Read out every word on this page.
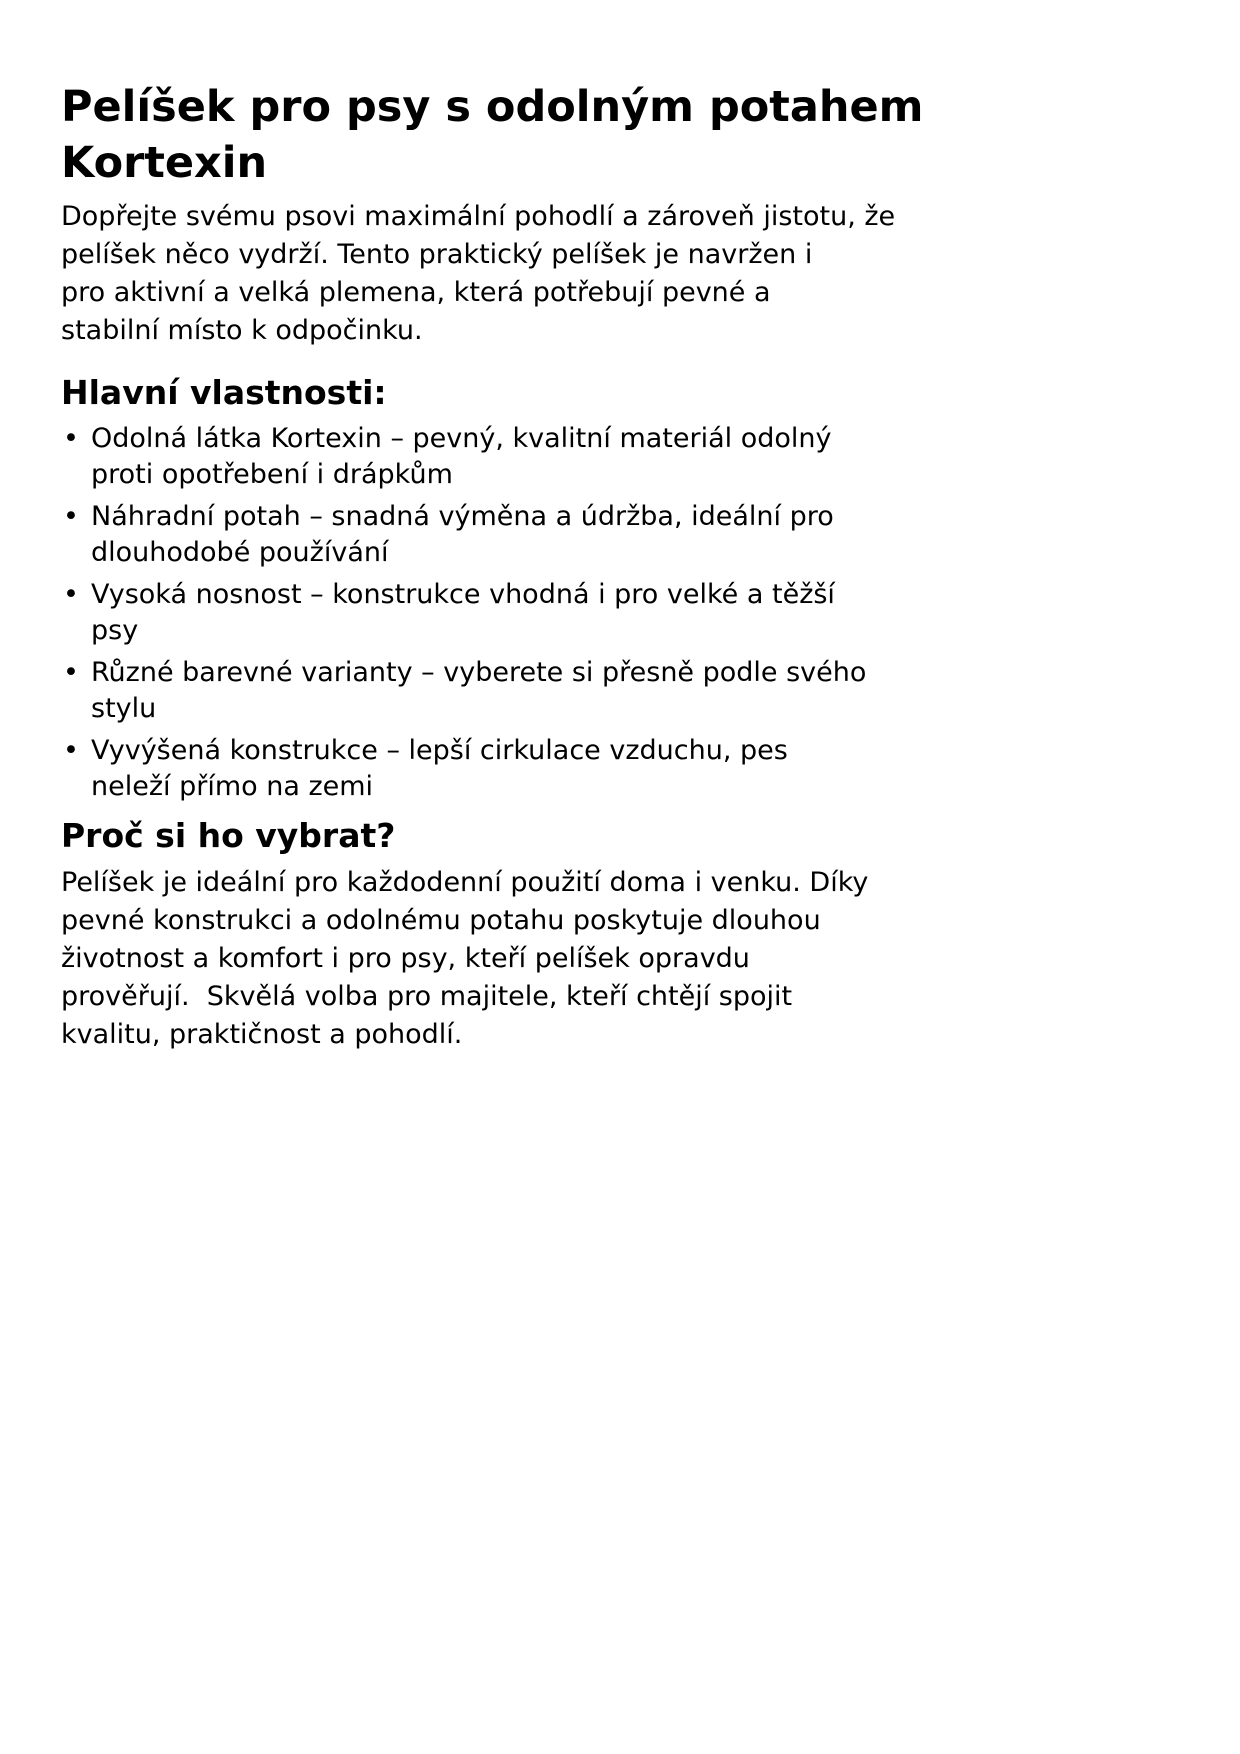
Pelíšek pro psy s odolným potahem
Kortexin

Dopřejte svému psovi maximální pohodlí a zároveň jistotu, že
pelíšek něco vydrží. Tento praktický pelíšek je navržen i
pro aktivní a velká plemena, která potřebují pevné a
stabilní místo k odpočinku.

Hlavní vlastnosti:
• Odolná látka Kortexin – pevný, kvalitní materiál odolný
proti opotřebení i drápkům
• Náhradní potah – snadná výměna a údržba, ideální pro
dlouhodobé používání
• Vysoká nosnost – konstrukce vhodná i pro velké a těžší
psy
• Různé barevné varianty – vyberete si přesně podle svého
stylu
• Vyvýšená konstrukce – lepší cirkulace vzduchu, pes
neleží přímo na zemi
Proč si ho vybrat?

Pelíšek je ideální pro každodenní použití doma i venku. Díky
pevné konstrukci a odolnému potahu poskytuje dlouhou
životnost a komfort i pro psy, kteří pelíšek opravdu
prověřují.  Skvělá volba pro majitele, kteří chtějí spojit
kvalitu, praktičnost a pohodlí.
